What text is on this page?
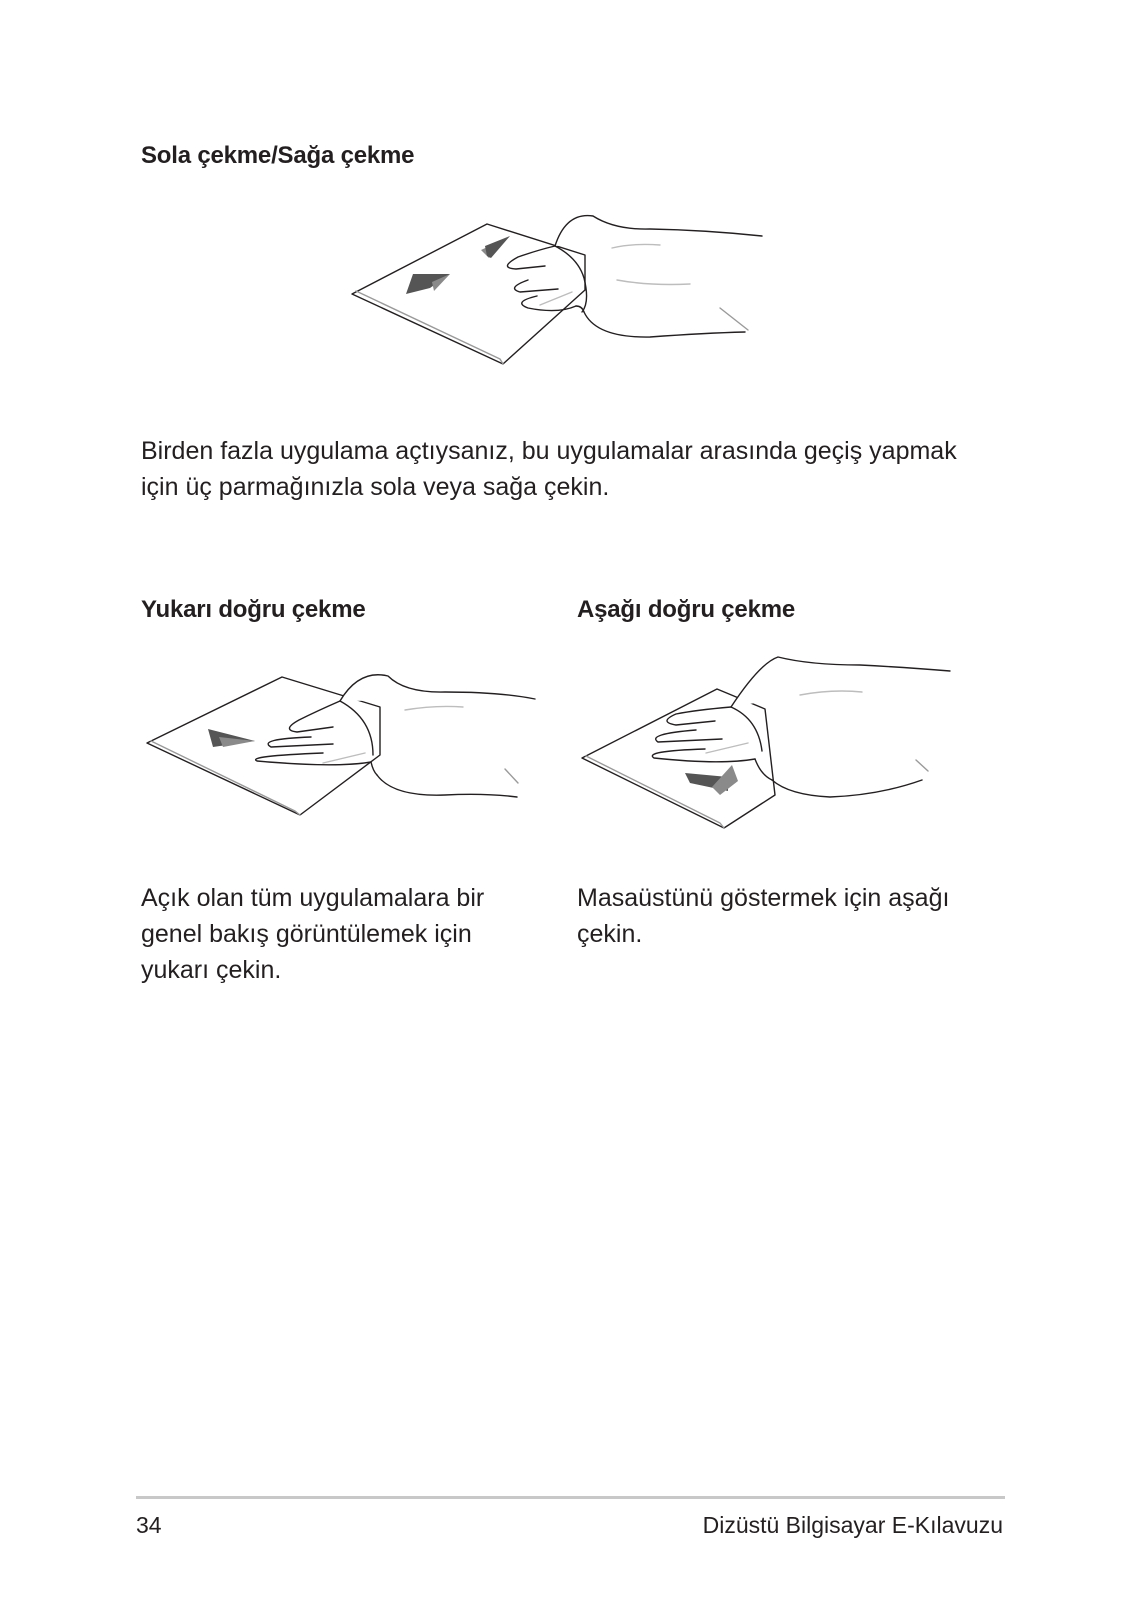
Sola çekme/Sağa çekme

Birden fazla uygulama açtıysanız, bu uygulamalar arasında geçiş yapmak için üç parmağınızla sola veya sağa çekin.

Yukarı doğru çekme

Açık olan tüm uygulamalara bir genel bakış görüntülemek için yukarı çekin.

Aşağı doğru çekme

Masaüstünü göstermek için aşağı çekin.

34	Dizüstü Bilgisayar E-Kılavuzu
